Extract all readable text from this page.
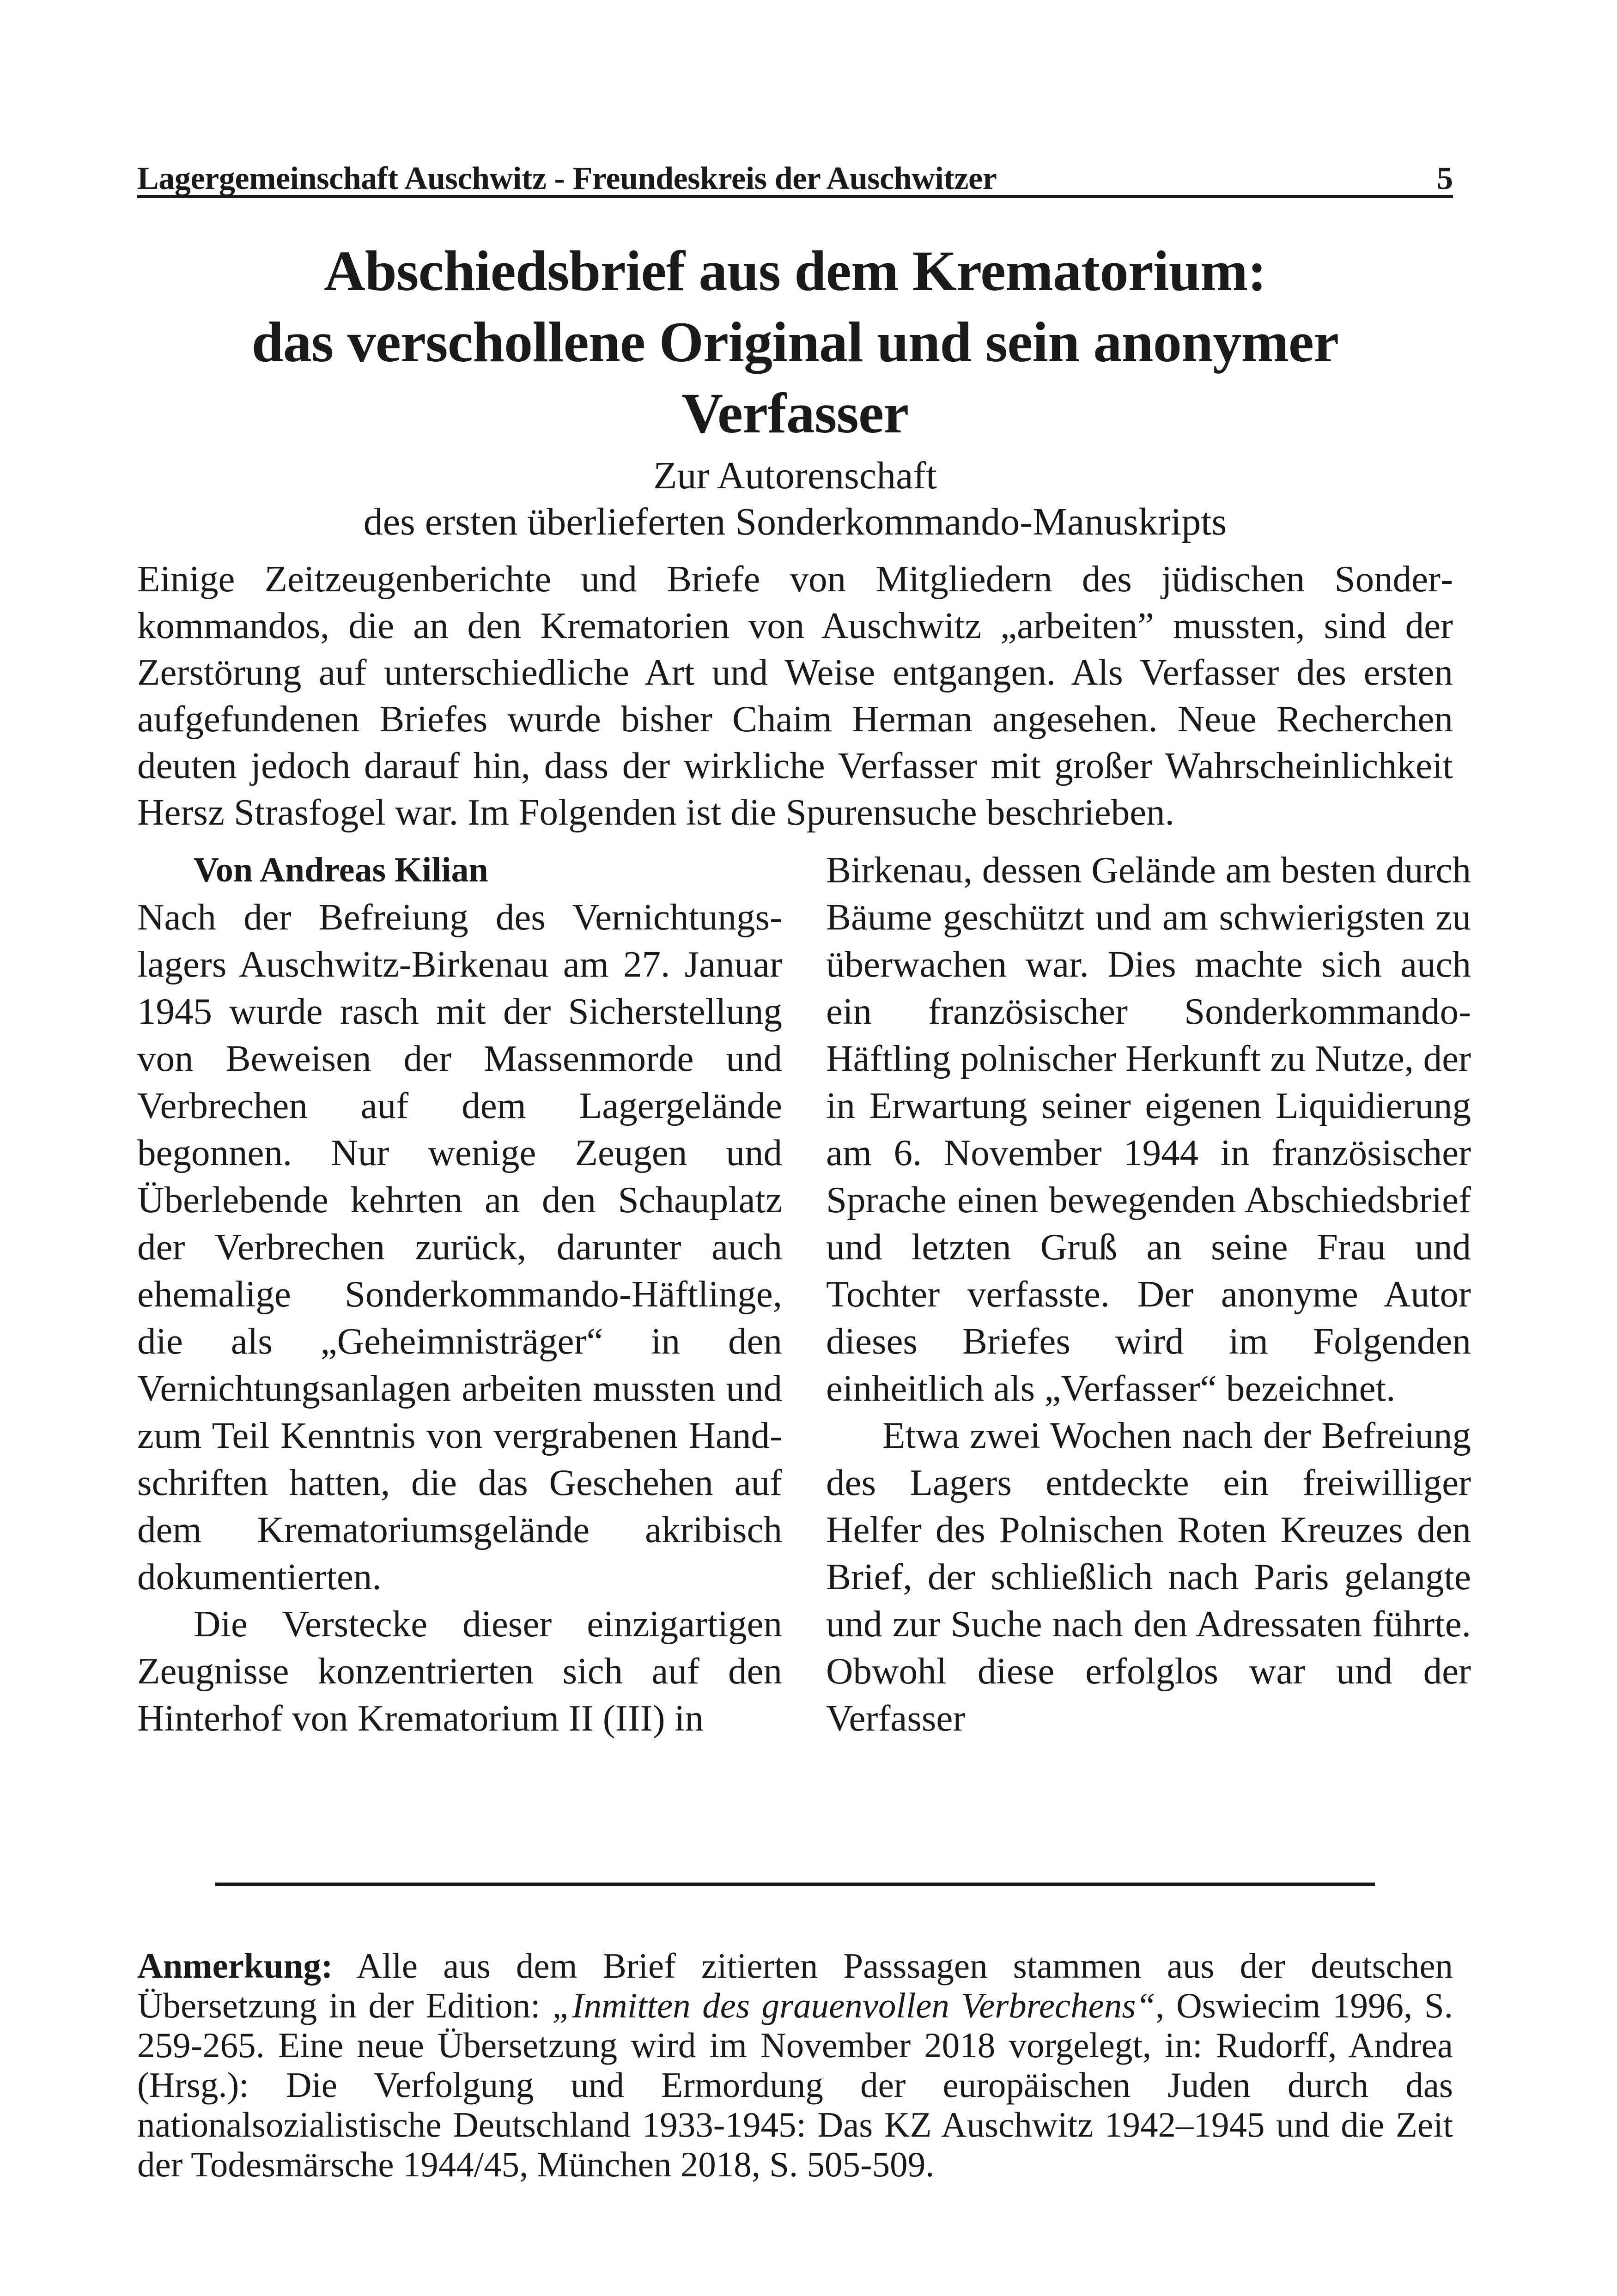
Lagergemeinschaft Auschwitz - Freundeskreis der Auschwitzer	5
Abschiedsbrief aus dem Krematorium:
das verschollene Original und sein anonymer Verfasser

Zur Autorenschaft
des ersten überlieferten Sonderkommando-Manuskripts

Einige Zeitzeugenberichte und Briefe von Mitgliedern des jüdischen Sonderkommandos, die an den Krematorien von Auschwitz „arbeiten” mussten, sind der Zerstörung auf unterschiedliche Art und Weise entgangen. Als Verfasser des ersten aufgefundenen Briefes wurde bisher Chaim Herman angesehen. Neue Recherchen deuten jedoch darauf hin, dass der wirkliche Verfasser mit großer Wahrscheinlichkeit Hersz Strasfogel war. Im Folgenden ist die Spurensuche beschrieben.

Von Andreas Kilian

Nach der Befreiung des Vernichtungslagers Auschwitz-Birkenau am 27. Januar 1945 wurde rasch mit der Sicherstellung von Beweisen der Massenmorde und Verbrechen auf dem Lagergelände begonnen. Nur wenige Zeugen und Überlebende kehrten an den Schauplatz der Verbrechen zurück, darunter auch ehemalige Sonderkommando-Häftlinge, die als „Geheimnisträger“ in den Vernichtungsanlagen arbeiten mussten und zum Teil Kenntnis von vergrabenen Handschriften hatten, die das Geschehen auf dem Krematoriumsgelände akribisch dokumentierten.

Die Verstecke dieser einzigartigen Zeugnisse konzentrierten sich auf den Hinterhof von Krematorium II (III) in

Birkenau, dessen Gelände am besten durch Bäume geschützt und am schwierigsten zu überwachen war. Dies machte sich auch ein französischer Sonderkommando-Häftling polnischer Herkunft zu Nutze, der in Erwartung seiner eigenen Liquidierung am 6. November 1944 in französischer Sprache einen bewegenden Abschiedsbrief und letzten Gruß an seine Frau und Tochter verfasste. Der anonyme Autor dieses Briefes wird im Folgenden einheitlich als „Verfasser“ bezeichnet.

Etwa zwei Wochen nach der Befreiung des Lagers entdeckte ein freiwilliger Helfer des Polnischen Roten Kreuzes den Brief, der schließlich nach Paris gelangte und zur Suche nach den Adressaten führte. Obwohl diese erfolglos war und der Verfasser

Anmerkung: Alle aus dem Brief zitierten Passsagen stammen aus der deutschen Übersetzung in der Edition: „Inmitten des grauenvollen Verbrechens“, Oswiecim 1996, S. 259-265. Eine neue Übersetzung wird im November 2018 vorgelegt, in: Rudorff, Andrea (Hrsg.): Die Verfolgung und Ermordung der europäischen Juden durch das nationalsozialistische Deutschland 1933-1945: Das KZ Auschwitz 1942–1945 und die Zeit der Todesmärsche 1944/45, München 2018, S. 505-509.
